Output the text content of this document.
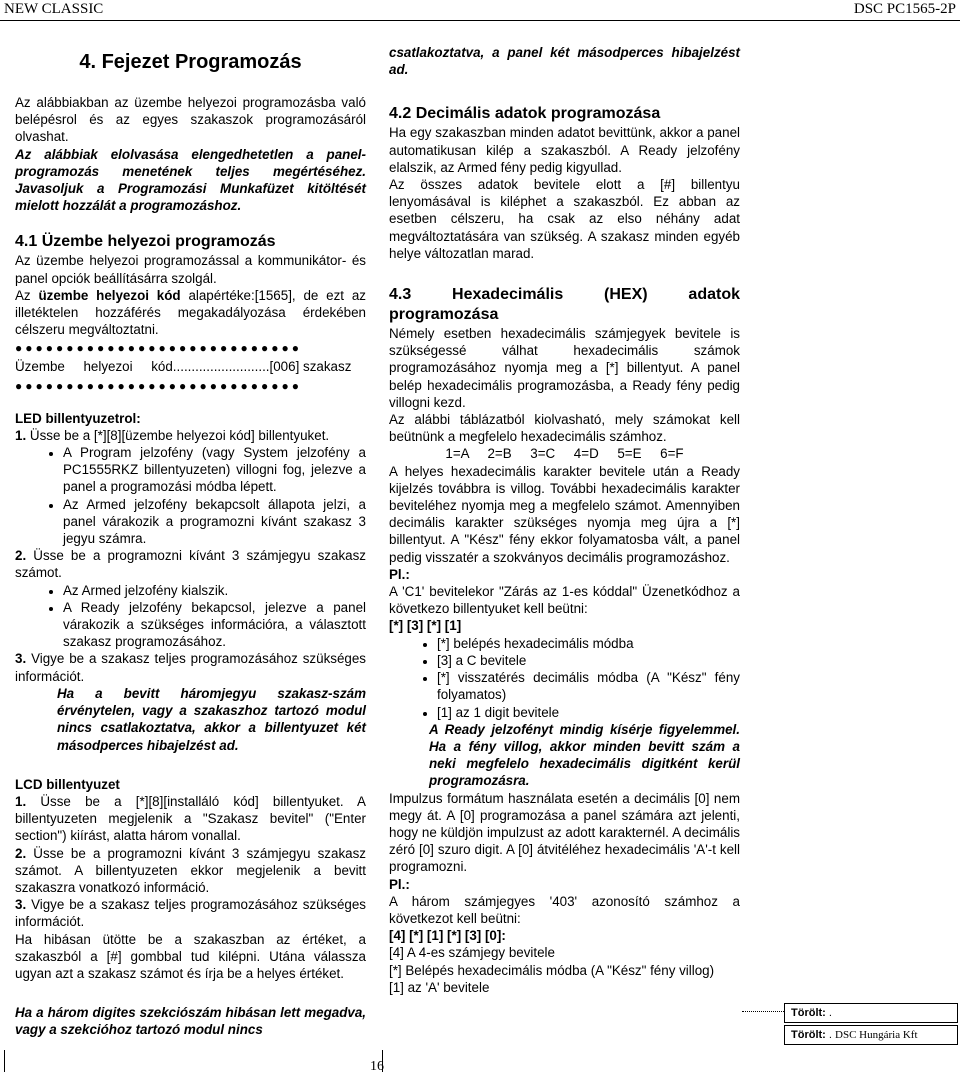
NEW CLASSIC	DSC PC1565-2P

4. Fejezet Programozás

Az alábbiakban az üzembe helyezoi programozásba való belépésrol és az egyes szakaszok programozásáról olvashat.

Az alábbiak elolvasása elengedhetetlen a panel-programozás menetének teljes megértéséhez. Javasoljuk a Programozási Munkafüzet kitöltését mielott hozzálát a programozáshoz.

4.1 Üzembe helyezoi programozás

Az üzembe helyezoi programozással a kommunikátor- és panel opciók beállításárra szolgál.

Az üzembe helyezoi kód alapértéke:[1565], de ezt az illetéktelen hozzáférés megakadályozása érdekében célszeru megváltoztatni.

●●●●●●●●●●●●●●●●●●●●●●●●●●●●

Üzembe     helyezoi     kód..........................[006] szakasz

●●●●●●●●●●●●●●●●●●●●●●●●●●●●

LED billentyuzetrol:

1. Üsse be a [*][8][üzembe helyezoi kód] billentyuket.

• A Program jelzofény (vagy System jelzofény a PC1555RKZ billentyuzeten) villogni fog, jelezve a panel a programozási módba lépett.
• Az Armed jelzofény bekapcsolt állapota jelzi, a panel várakozik a programozni kívánt szakasz 3 jegyu számra.

2. Üsse be a programozni kívánt 3 számjegyu szakasz számot.

• Az Armed jelzofény kialszik.
• A Ready jelzofény bekapcsol, jelezve a panel várakozik a szükséges információra, a választott szakasz programozásához.

3. Vigye be a szakasz teljes programozásához szükséges információt.

Ha a bevitt háromjegyu szakasz-szám érvénytelen, vagy a szakaszhoz tartozó modul nincs csatlakoztatva, akkor a billentyuzet két másodperces hibajelzést ad.

LCD billentyuzet

1. Üsse be a [*][8][installáló kód] billentyuket. A billentyuzeten megjelenik a "Szakasz bevitel" ("Enter section") kiírást, alatta három vonallal.

2. Üsse be a programozni kívánt 3 számjegyu szakasz számot. A billentyuzeten ekkor megjelenik a bevitt szakaszra vonatkozó információ.

3. Vigye be a szakasz teljes programozásához szükséges információt.

Ha hibásan ütötte be a szakaszban az értéket, a szakaszból a [#] gombbal tud kilépni. Utána válassza ugyan azt a szakasz számot és írja be a helyes értéket.

Ha a három digites szekciószám hibásan lett megadva, vagy a szekcióhoz tartozó modul nincs

csatlakoztatva, a panel két másodperces hibajelzést ad.

4.2 Decimális adatok programozása

Ha egy szakaszban minden adatot bevittünk, akkor a panel automatikusan kilép a szakaszból. A Ready jelzofény elalszik, az Armed fény pedig kigyullad.

Az összes adatok bevitele elott a [#] billentyu lenyomásával is kiléphet a szakaszból. Ez abban az esetben célszeru, ha csak az elso néhány adat megváltoztatására van szükség. A szakasz minden egyéb helye változatlan marad.

4.3 Hexadecimális (HEX) adatok

programozása

Némely esetben hexadecimális számjegyek bevitele is szükségessé válhat hexadecimális számok programozásához nyomja meg a [*] billentyut. A panel belép hexadecimális programozásba, a Ready fény pedig villogni kezd.

Az alábbi táblázatból kiolvasható, mely számokat kell beütnünk a megfelelo hexadecimális számhoz.

1=A     2=B     3=C     4=D     5=E     6=F

A helyes hexadecimális karakter bevitele után a Ready kijelzés továbbra is villog. További hexadecimális karakter beviteléhez nyomja meg a megfelelo számot. Amennyiben decimális karakter szükséges nyomja meg újra a [*] billentyut. A "Kész" fény ekkor folyamatosba vált, a panel pedig visszatér a szokványos decimális programozáshoz.

Pl.:

A 'C1' bevitelekor "Zárás az 1-es kóddal" Üzenetkódhoz a következo billentyuket kell beütni:

[*] [3] [*] [1]

• [*] belépés hexadecimális módba
• [3] a C bevitele
• [*] visszatérés decimális módba (A "Kész" fény folyamatos)
• [1] az 1 digit bevitele

A Ready jelzofényt mindig kísérje figyelemmel. Ha a fény villog, akkor minden bevitt szám a neki megfelelo hexadecimális digitként kerül programozásra.

Impulzus formátum használata esetén a decimális [0] nem megy át. A [0] programozása a panel számára azt jelenti, hogy ne küldjön impulzust az adott karakternél. A decimális zéró [0] szuro digit. A [0] átvitéléhez hexadecimális 'A'-t kell programozni.

Pl.:

A három számjegyes '403' azonosító számhoz a következot kell beütni:

[4] [*] [1] [*] [3] [0]:

[4] A 4-es számjegy bevitele

[*] Belépés hexadecimális módba (A "Kész" fény villog)

[1] az 'A' bevitele

Törölt: .
Törölt: . DSC Hungária Kft
16
